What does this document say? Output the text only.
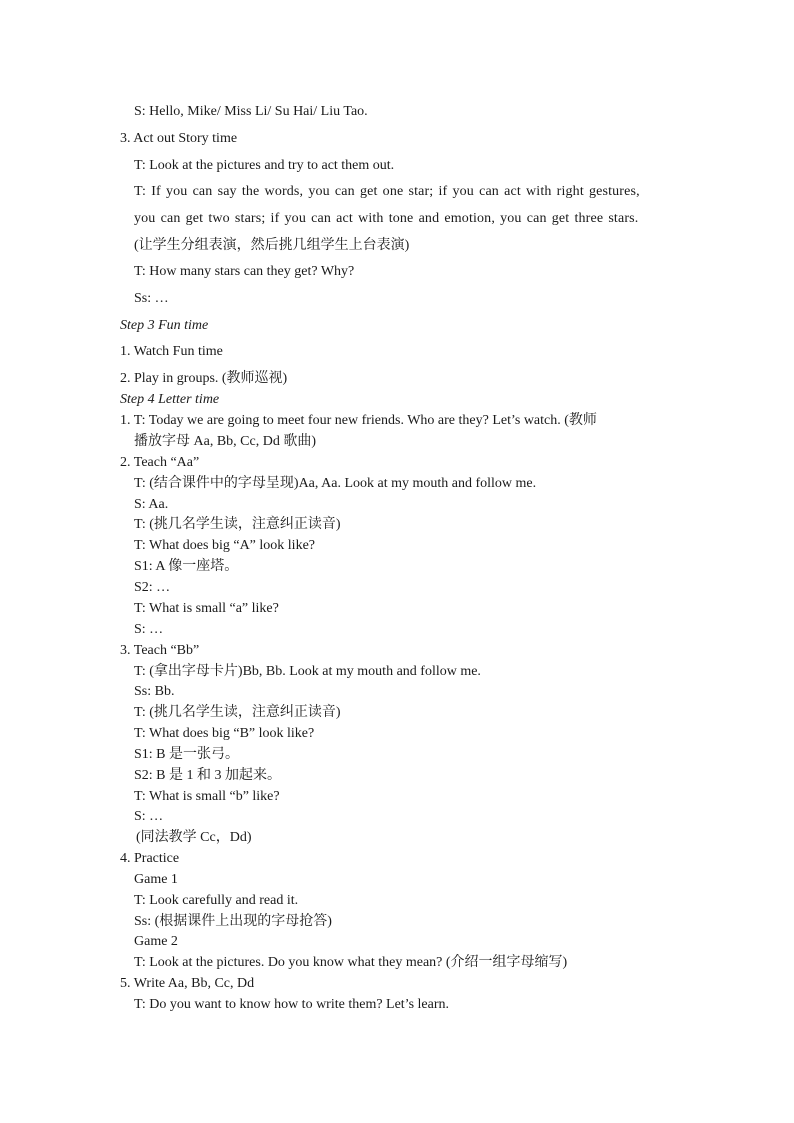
S: Hello, Mike/ Miss Li/ Su Hai/ Liu Tao.
3. Act out Story time
T: Look at the pictures and try to act them out.
T: If you can say the words, you can get one star; if you can act with right gestures,
you can get two stars; if you can act with tone and emotion, you can get three stars.
(让学生分组表演，然后挑几组学生上台表演)
T: How many stars can they get? Why?
Ss: …
Step 3 Fun time
1. Watch Fun time
2. Play in groups. (教师巡视)
Step 4 Letter time
1. T: Today we are going to meet four new friends. Who are they? Let’s watch. (教师
播放字母 Aa, Bb, Cc, Dd 歌曲)
2. Teach “Aa”
T: (结合课件中的字母呈现)Aa, Aa. Look at my mouth and follow me.
S: Aa.
T: (挑几名学生读，注意纠正读音)
T: What does big “A” look like?
S1: A 像一座塔。
S2: …
T: What is small “a” like?
S: …
3. Teach “Bb”
T: (拿出字母卡片)Bb, Bb. Look at my mouth and follow me.
Ss: Bb.
T: (挑几名学生读，注意纠正读音)
T: What does big “B” look like?
S1: B 是一张弓。
S2: B 是 1 和 3 加起来。
T: What is small “b” like?
S: …
(同法教学 Cc，Dd)
4. Practice
Game 1
T: Look carefully and read it.
Ss: (根据课件上出现的字母抢答)
Game 2
T: Look at the pictures. Do you know what they mean? (介绍一组字母缩写)
5. Write Aa, Bb, Cc, Dd
T: Do you want to know how to write them? Let’s learn.
